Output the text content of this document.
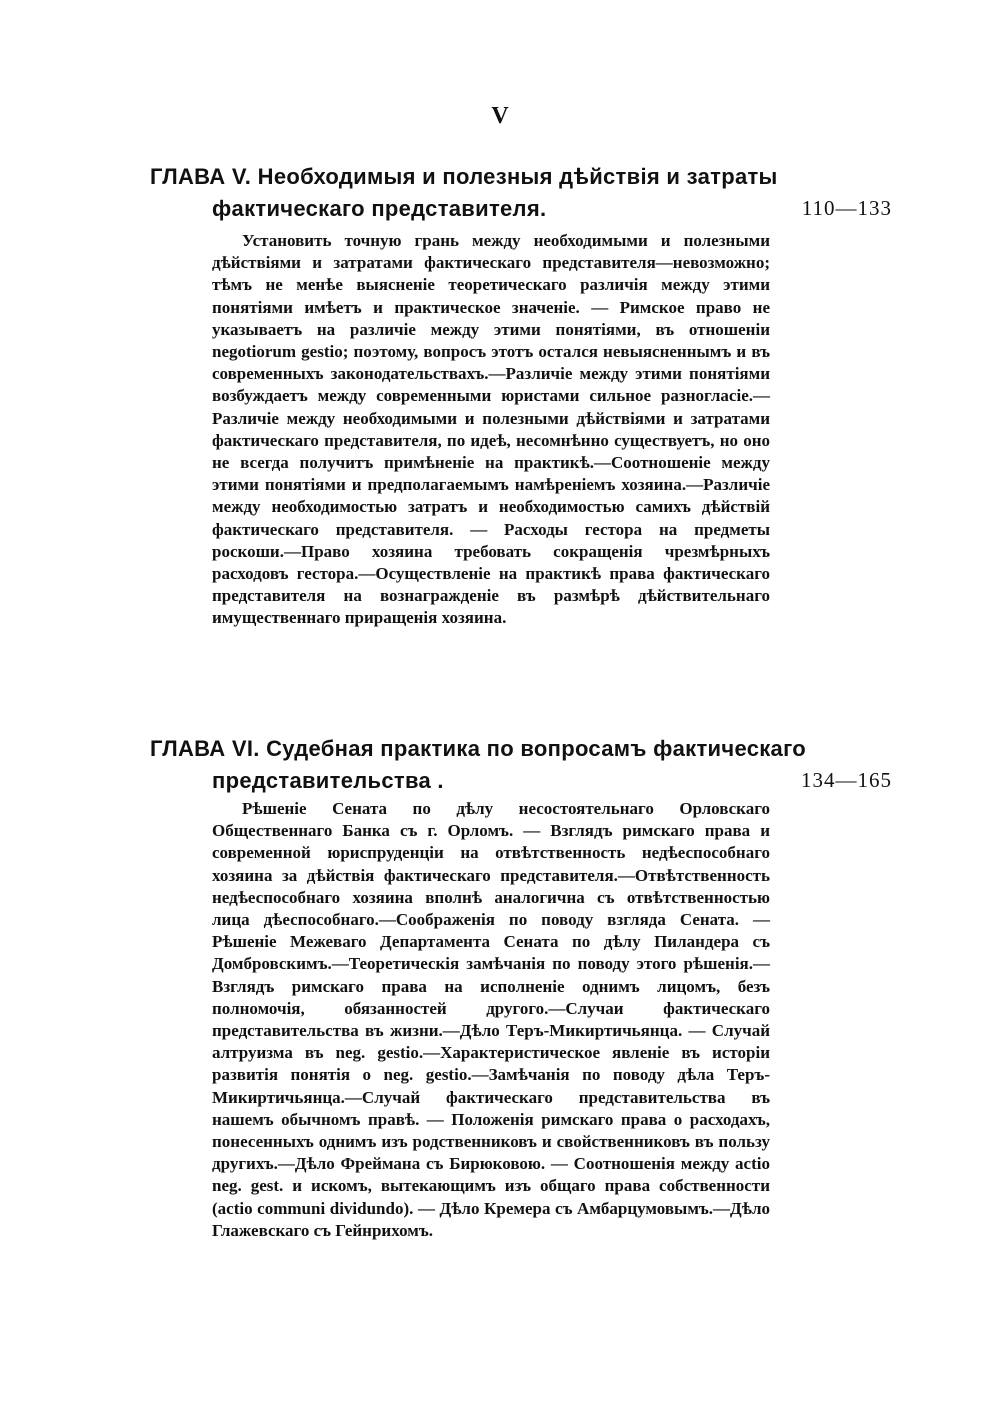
V
ГЛАВА V. Необходимыя и полезныя дѣйствія и затраты
фактическаго представителя.	110—133

Установить точную грань между необходимыми и полезными дѣйствіями и затратами фактическаго представителя—невозможно; тѣмъ не менѣе выясненіе теоретическаго различія между этими понятіями имѣетъ и практическое значеніе. — Римское право не указываетъ на различіе между этими понятіями, въ отношеніи negotiorum gestio; поэтому, вопросъ этотъ остался невыясненнымъ и въ современныхъ законодательствахъ.—Различіе между этими понятіями возбуждаетъ между современными юристами сильное разногласіе.—Различіе между необходимыми и полезными дѣйствіями и затратами фактическаго представителя, по идеѣ, несомнѣнно существуетъ, но оно не всегда получитъ примѣненіе на практикѣ.—Соотношеніе между этими понятіями и предполагаемымъ намѣреніемъ хозяина.—Различіе между необходимостью затратъ и необходимостью самихъ дѣйствій фактическаго представителя. — Расходы гестора на предметы роскоши.—Право хозяина требовать сокращенія чрезмѣрныхъ расходовъ гестора.—Осуществленіе на практикѣ права фактическаго представителя на вознагражденіе въ размѣрѣ дѣйствительнаго имущественнаго приращенія хозяина.

ГЛАВА VI. Судебная практика по вопросамъ фактическаго
представительства .	134—165

Рѣшеніе Сената по дѣлу несостоятельнаго Орловскаго Общественнаго Банка съ г. Орломъ. — Взглядъ римскаго права и современной юриспруденціи на отвѣтственность недѣеспособнаго хозяина за дѣйствія фактическаго представителя.—Отвѣтственность недѣеспособнаго хозяина вполнѣ аналогична съ отвѣтственностью лица дѣеспособнаго.—Соображенія по поводу взгляда Сената. — Рѣшеніе Межеваго Департамента Сената по дѣлу Пиландера съ Домбровскимъ.—Теоретическія замѣчанія по поводу этого рѣшенія.—Взглядъ римскаго права на исполненіе однимъ лицомъ, безъ полномочія, обязанностей другого.—Случаи фактическаго представительства въ жизни.—Дѣло Теръ-Микиртичьянца. — Случай алтруизма въ neg. gestio.—Характеристическое явленіе въ исторіи развитія понятія о neg. gestio.—Замѣчанія по поводу дѣла Теръ-Микиртичьянца.—Случай фактическаго представительства въ нашемъ обычномъ правѣ. — Положенія римскаго права о расходахъ, понесенныхъ однимъ изъ родственниковъ и свойственниковъ въ пользу другихъ.—Дѣло Фреймана съ Бирюковою. — Соотношенія между actio neg. gest. и искомъ, вытекающимъ изъ общаго права собственности (actio communi dividundo). — Дѣло Кремера съ Амбарцумовымъ.—Дѣло Глажевскаго съ Гейнрихомъ.
